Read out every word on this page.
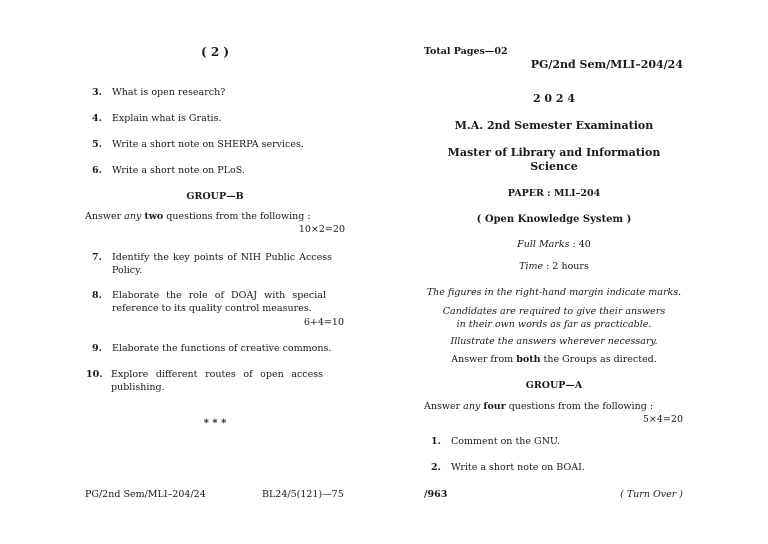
( 2 )
3. What is open research?
4. Explain what is Gratis.
5. Write a short note on SHERPA services.
6. Write a short note on PLoS.
GROUP—B
Answer any two questions from the following :
10×2=20
7. Identify the key points of NIH Public Access Policy.
8. Elaborate the role of DOAJ with special reference to its quality control measures.
6+4=10
9. Elaborate the functions of creative commons.
10. Explore different routes of open access publishing.
* * *
PG/2nd Sem/MLI–204/24	BL24/5(121)—75
Total Pages—02
PG/2nd Sem/MLI–204/24
2 0 2 4
M.A. 2nd Semester Examination
Master of Library and Information Science
PAPER : MLI–204
( Open Knowledge System )
Full Marks : 40
Time : 2 hours
The figures in the right-hand margin indicate marks.
Candidates are required to give their answers in their own words as far as practicable.
Illustrate the answers wherever necessary.
Answer from both the Groups as directed.
GROUP—A
Answer any four questions from the following :
5×4=20
1. Comment on the GNU.
2. Write a short note on BOAI.
/963	( Turn Over )
